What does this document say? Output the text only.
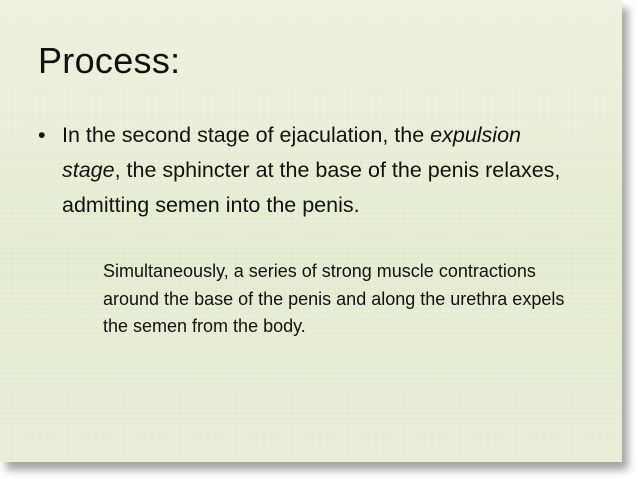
Process:
• In the second stage of ejaculation, the expulsion stage, the sphincter at the base of the penis relaxes, admitting semen into the penis.
Simultaneously, a series of strong muscle contractions around the base of the penis and along the urethra expels the semen from the body.
